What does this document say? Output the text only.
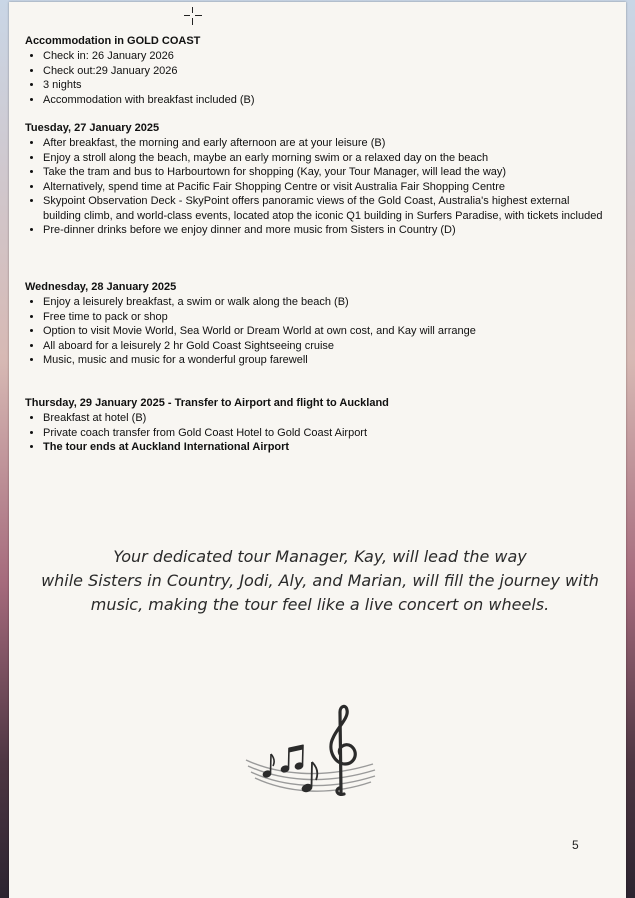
Accommodation in GOLD COAST
• Check in: 26 January 2026
• Check out:29 January 2026
• 3 nights
• Accommodation with breakfast included (B)
Tuesday, 27 January 2025
• After breakfast, the morning and early afternoon are at your leisure (B)
• Enjoy a stroll along the beach, maybe an early morning swim or a relaxed day on the beach
• Take the tram and bus to Harbourtown for shopping (Kay, your Tour Manager, will lead the way)
• Alternatively, spend time at Pacific Fair Shopping Centre or visit Australia Fair Shopping Centre
• Skypoint Observation Deck - SkyPoint offers panoramic views of the Gold Coast, Australia's highest external building climb, and world-class events, located atop the iconic Q1 building in Surfers Paradise, with tickets included
• Pre-dinner drinks before we enjoy dinner and more music from Sisters in Country (D)
Wednesday, 28 January 2025
• Enjoy a leisurely breakfast, a swim or walk along the beach (B)
• Free time to pack or shop
• Option to visit Movie World, Sea World or Dream World at own cost, and Kay will arrange
• All aboard for a leisurely 2 hr Gold Coast Sightseeing cruise
• Music, music and music for a wonderful group farewell
Thursday, 29 January 2025 - Transfer to Airport and flight to Auckland
• Breakfast at hotel (B)
• Private coach transfer from Gold Coast Hotel to Gold Coast Airport
• The tour ends at Auckland International Airport
Your dedicated tour Manager, Kay, will lead the way
while Sisters in Country, Jodi, Aly, and Marian, will fill the journey with
music, making the tour feel like a live concert on wheels.
5
